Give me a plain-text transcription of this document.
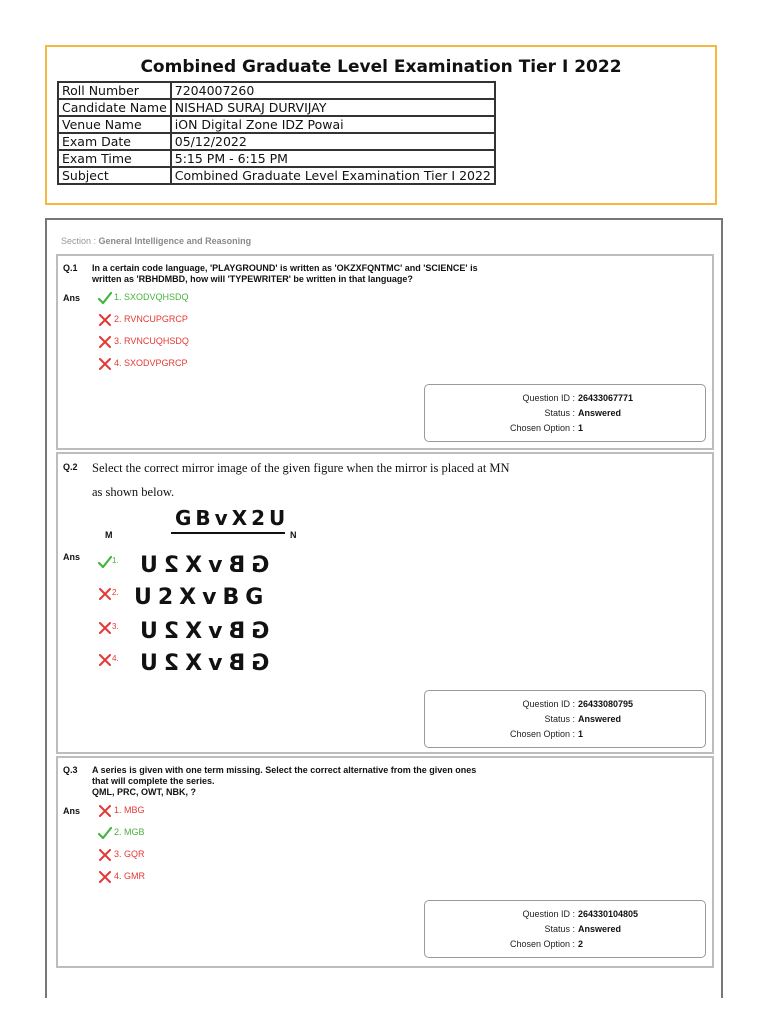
Combined Graduate Level Examination Tier I 2022
Roll Number	7204007260
Candidate Name	NISHAD SURAJ DURVIJAY
Venue Name	iON Digital Zone IDZ Powai
Exam Date	05/12/2022
Exam Time	5:15 PM - 6:15 PM
Subject	Combined Graduate Level Examination Tier I 2022
Section : General Intelligence and Reasoning
Q.1 In a certain code language, 'PLAYGROUND' is written as 'OKZXFQNTMC' and 'SCIENCE' is
written as 'RBHDMBD, how will 'TYPEWRITER' be written in that language?
Ans	1. SXODVQHSDQ
2. RVNCUPGRCP
3. RVNCUQHSDQ
4. SXODVPGRCP
Question ID : 26433067771
Status : Answered
Chosen Option : 1
Q.2 Select the correct mirror image of the given figure when the mirror is placed at MN
as shown below.
GBvX2U
M	N
Ans	1. GBvX2U
2. U2XvBG
3. GBvX2U
4. GBvX2U
Question ID : 26433080795
Status : Answered
Chosen Option : 1
Q.3 A series is given with one term missing. Select the correct alternative from the given ones
that will complete the series.
QML, PRC, OWT, NBK, ?
Ans	1. MBG
2. MGB
3. GQR
4. GMR
Question ID : 264330104805
Status : Answered
Chosen Option : 2
